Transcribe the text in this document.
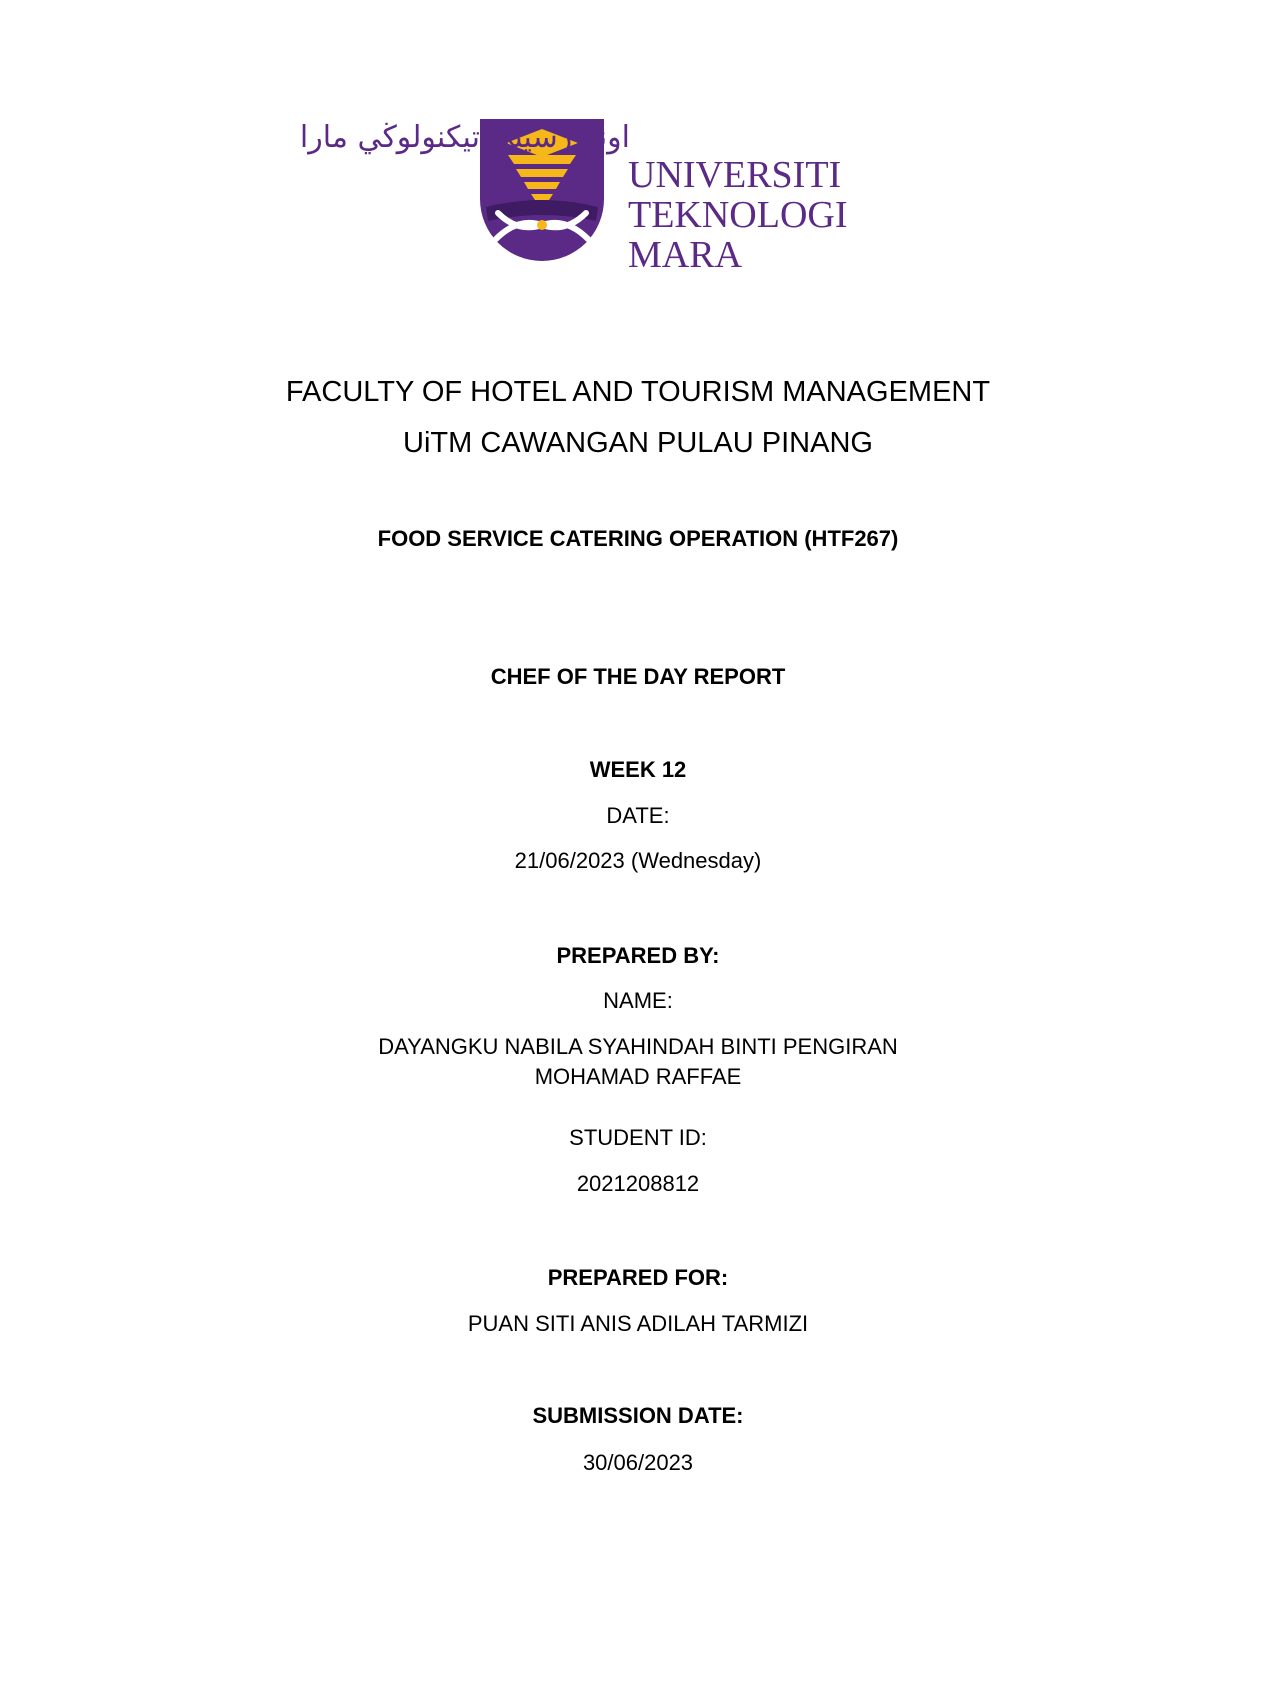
اونيۏرسيتي تيكنولوڬي مارا
UNIVERSITI
TEKNOLOGI
MARA
FACULTY OF HOTEL AND TOURISM MANAGEMENT
UiTM CAWANGAN PULAU PINANG
FOOD SERVICE CATERING OPERATION (HTF267)
CHEF OF THE DAY REPORT
WEEK 12
DATE:
21/06/2023 (Wednesday)
PREPARED BY:
NAME:
DAYANGKU NABILA SYAHINDAH BINTI PENGIRAN
MOHAMAD RAFFAE
STUDENT ID:
2021208812
PREPARED FOR:
PUAN SITI ANIS ADILAH TARMIZI
SUBMISSION DATE:
30/06/2023
